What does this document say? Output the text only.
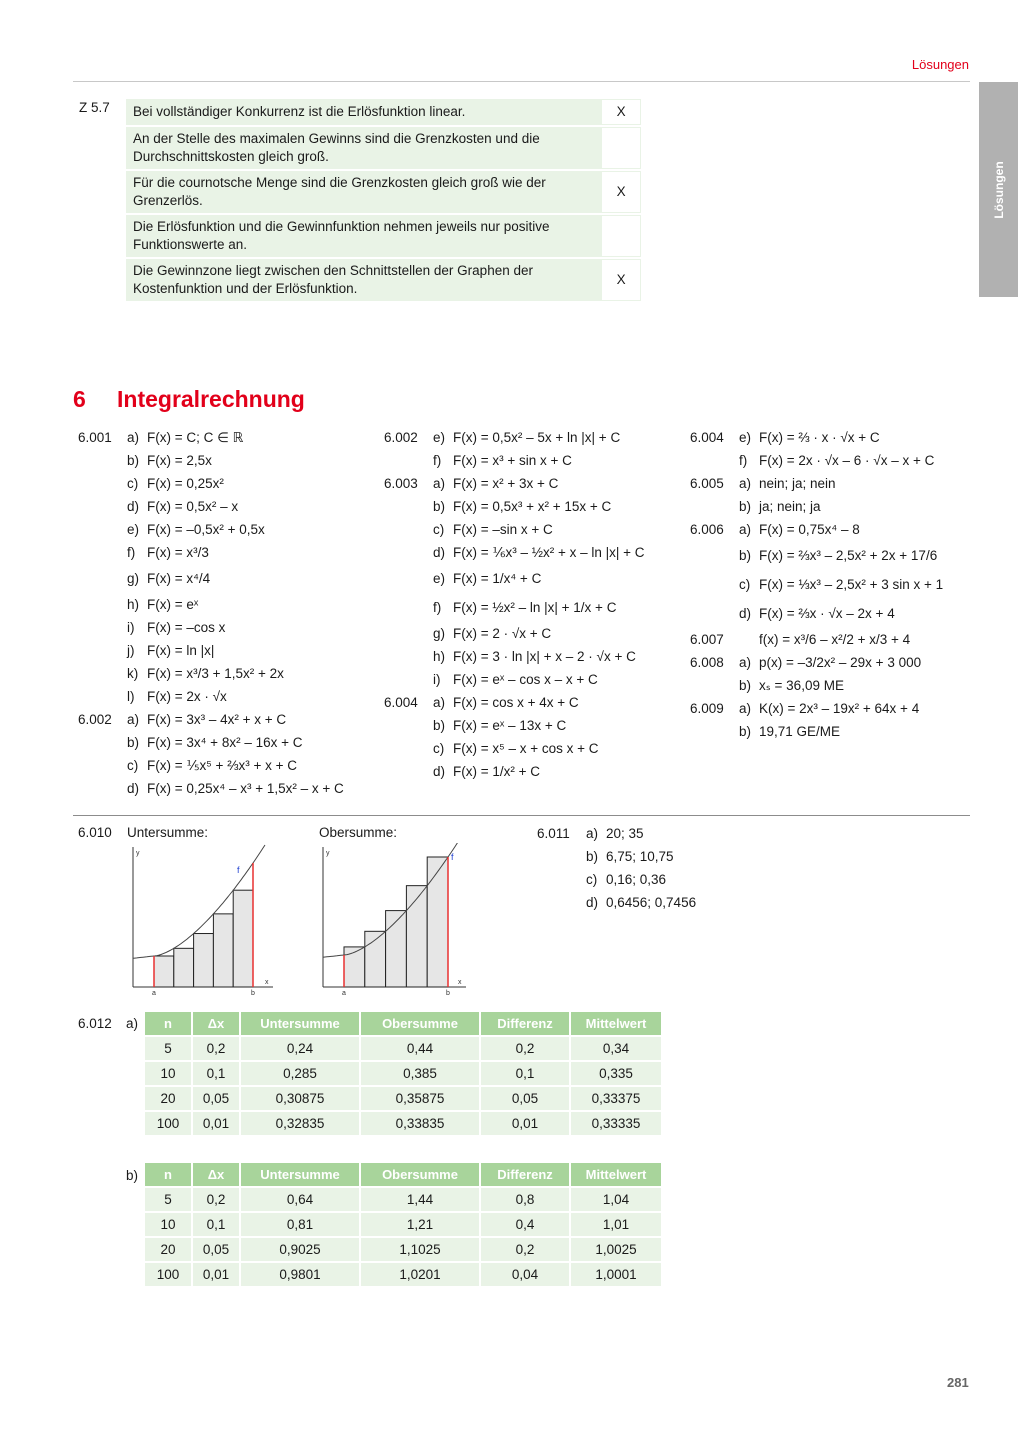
Lösungen
Lösungen
Z 5.7 Bei vollständiger Konkurrenz ist die Erlösfunktion linear.	X
An der Stelle des maximalen Gewinns sind die Grenzkosten und die Durchschnittskosten gleich groß.	
Für die cournotsche Menge sind die Grenzkosten gleich groß wie der Grenzerlös.	X
Die Erlösfunktion und die Gewinnfunktion nehmen jeweils nur positive Funktionswerte an.	
Die Gewinnzone liegt zwischen den Schnittstellen der Graphen der Kostenfunktion und der Erlösfunktion.	X
6 Integralrechnung
6.001	a) F(x) = C; C ∈ ℝ
b) F(x) = 2,5x
c) F(x) = 0,25x²
d) F(x) = 0,5x² – x
e) F(x) = –0,5x² + 0,5x
f) F(x) = x³/3
g) F(x) = x⁴/4
h) F(x) = eˣ
i) F(x) = –cos x
j) F(x) = ln |x|
k) F(x) = x³/3 + 1,5x² + 2x
l) F(x) = 2x · √x
6.002	a) F(x) = 3x³ – 4x² + x + C
b) F(x) = 3x⁴ + 8x² – 16x + C
c) F(x) = ⅕x⁵ + ⅔x³ + x + C
d) F(x) = 0,25x⁴ – x³ + 1,5x² – x + C
6.002	e) F(x) = 0,5x² – 5x + ln |x| + C
f) F(x) = x³ + sin x + C
6.003	a) F(x) = x² + 3x + C
b) F(x) = 0,5x³ + x² + 15x + C
c) F(x) = –sin x + C
d) F(x) = ⅙x³ – ½x² + x – ln |x| + C
e) F(x) = 1/x⁴ + C
f) F(x) = ½x² – ln |x| + 1/x + C
g) F(x) = 2 · √x + C
h) F(x) = 3 · ln |x| + x – 2 · √x + C
i) F(x) = eˣ – cos x – x + C
6.004	a) F(x) = cos x + 4x + C
b) F(x) = eˣ – 13x + C
c) F(x) = x⁵ – x + cos x + C
d) F(x) = 1/x² + C
6.004	e) F(x) = ⅔ · x · √x + C
f) F(x) = 2x · √x – 6 · √x – x + C
6.005	a) nein; ja; nein
b) ja; nein; ja
6.006	a) F(x) = 0,75x⁴ – 8
b) F(x) = ⅔x³ – 2,5x² + 2x + 17/6
c) F(x) = ⅓x³ – 2,5x² + 3 sin x + 1
d) F(x) = ⅔x · √x – 2x + 4
6.007	f(x) = x³/6 – x²/2 + x/3 + 4
6.008	a) p(x) = –3/2x² – 29x + 3 000
b) xₛ = 36,09 ME
6.009	a) K(x) = 2x³ – 19x² + 64x + 4
b) 19,71 GE/ME
6.010 Untersumme:	Obersumme:
y
x
f
a	b
y
x
f
a	b
6.011	a) 20; 35
b) 6,75; 10,75
c) 0,16; 0,36
d) 0,6456; 0,7456
6.012 a) n	Δx	Untersumme	Obersumme	Differenz	Mittelwert
5	0,2	0,24	0,44	0,2	0,34
10	0,1	0,285	0,385	0,1	0,335
20	0,05	0,30875	0,35875	0,05	0,33375
100	0,01	0,32835	0,33835	0,01	0,33335
b) n	Δx	Untersumme	Obersumme	Differenz	Mittelwert
5	0,2	0,64	1,44	0,8	1,04
10	0,1	0,81	1,21	0,4	1,01
20	0,05	0,9025	1,1025	0,2	1,0025
100	0,01	0,9801	1,0201	0,04	1,0001
281
